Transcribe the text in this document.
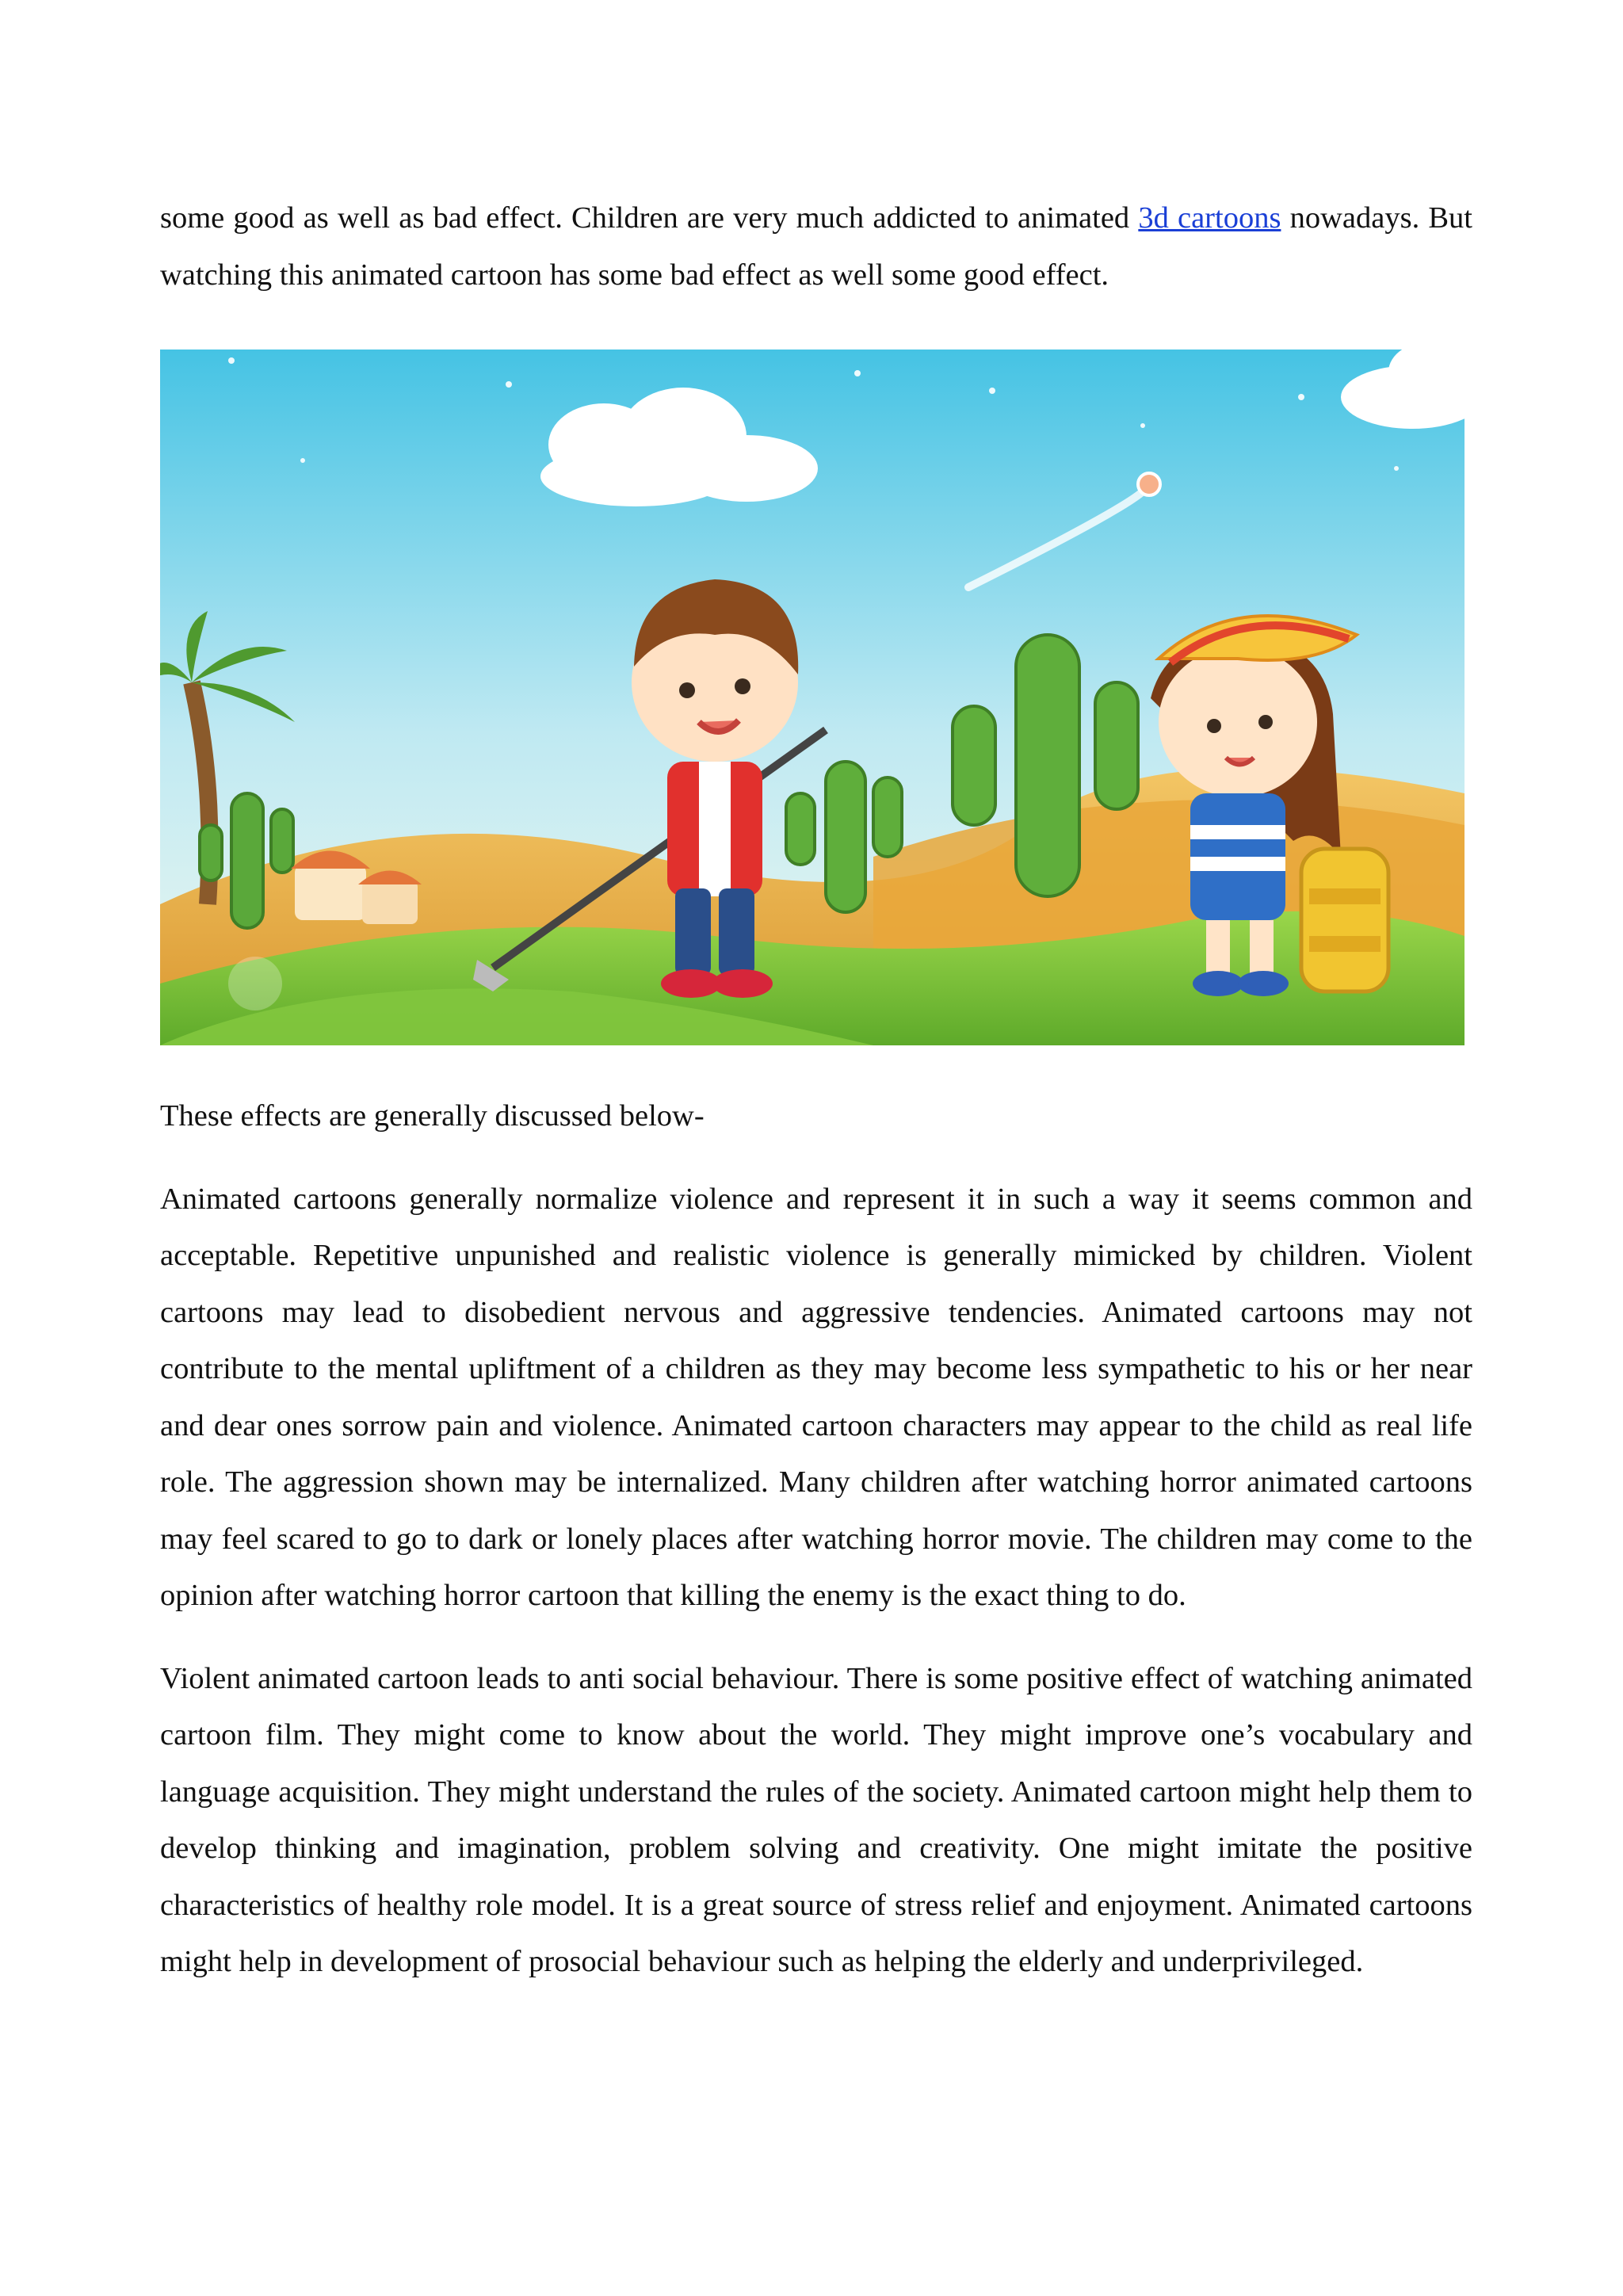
some good as well as bad effect. Children are very much addicted to animated 3d cartoons nowadays. But watching this animated cartoon has some bad effect as well some good effect.

These effects are generally discussed below-

Animated cartoons generally normalize violence and represent it in such a way it seems common and acceptable. Repetitive unpunished and realistic violence is generally mimicked by children. Violent cartoons may lead to disobedient nervous and aggressive tendencies. Animated cartoons may not contribute to the mental upliftment of a children as they may become less sympathetic to his or her near and dear ones sorrow pain and violence. Animated cartoon characters may appear to the child as real life role. The aggression shown may be internalized. Many children after watching horror animated cartoons may feel scared to go to dark or lonely places after watching horror movie. The children may come to the opinion after watching horror cartoon that killing the enemy is the exact thing to do.

Violent animated cartoon leads to anti social behaviour. There is some positive effect of watching animated cartoon film. They might come to know about the world. They might improve one’s vocabulary and language acquisition. They might understand the rules of the society. Animated cartoon might help them to develop thinking and imagination, problem solving and creativity. One might imitate the positive characteristics of healthy role model. It is a great source of stress relief and enjoyment. Animated cartoons might help in development of prosocial behaviour such as helping the elderly and underprivileged.
